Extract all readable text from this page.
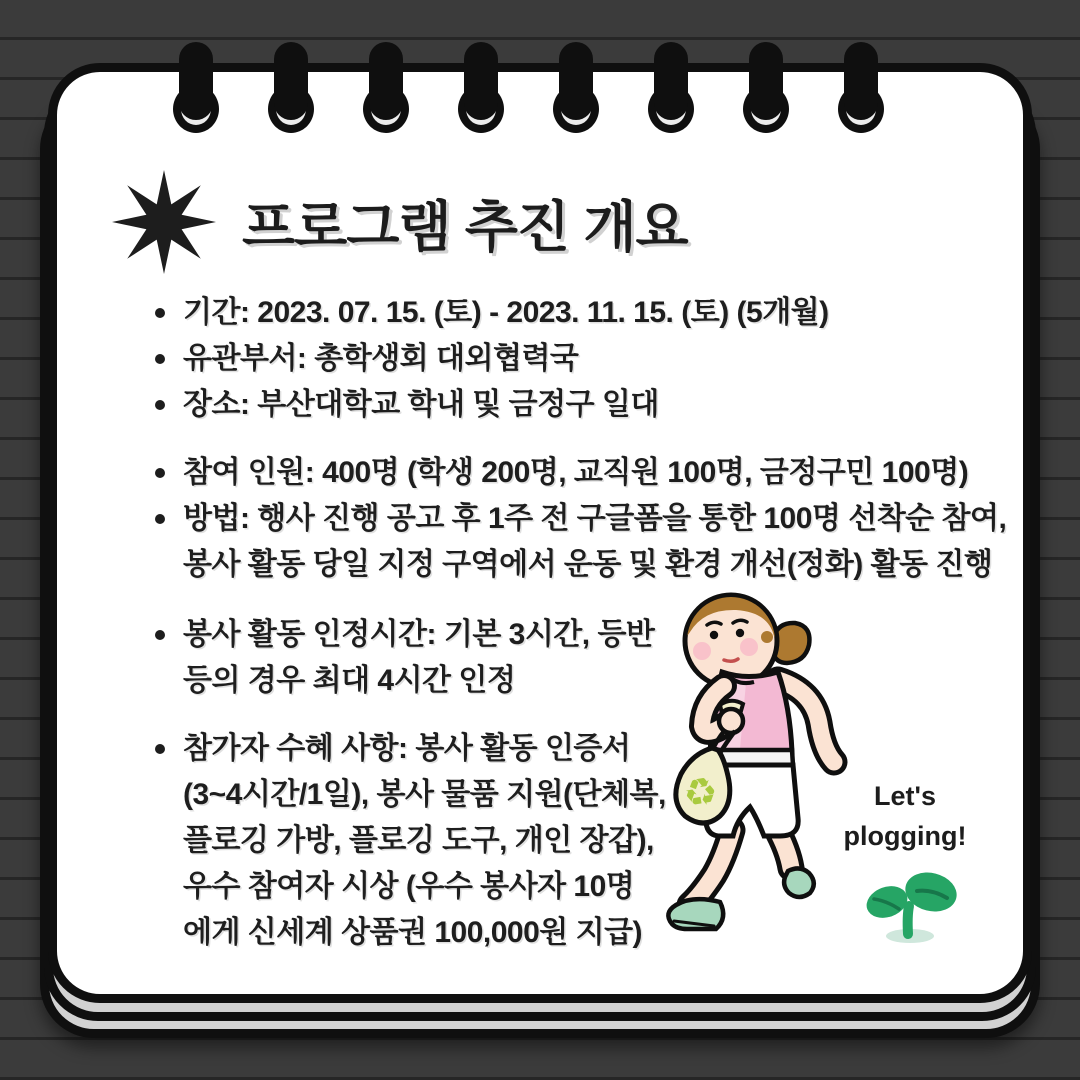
프로그램 추진 개요
기간: 2023. 07. 15. (토) - 2023. 11. 15. (토) (5개월)
유관부서: 총학생회 대외협력국
장소: 부산대학교 학내 및 금정구 일대
참여 인원: 400명 (학생 200명, 교직원 100명, 금정구민 100명)
방법: 행사 진행 공고 후 1주 전 구글폼을 통한 100명 선착순 참여,
봉사 활동 당일 지정 구역에서 운동 및 환경 개선(정화) 활동 진행
봉사 활동 인정시간: 기본 3시간, 등반
등의 경우 최대 4시간 인정
참가자 수혜 사항: 봉사 활동 인증서
(3~4시간/1일), 봉사 물품 지원(단체복,
플로깅 가방, 플로깅 도구, 개인 장갑),
우수 참여자 시상 (우수 봉사자 10명
에게 신세계 상품권 100,000원 지급)
♻	Let's
plogging!
